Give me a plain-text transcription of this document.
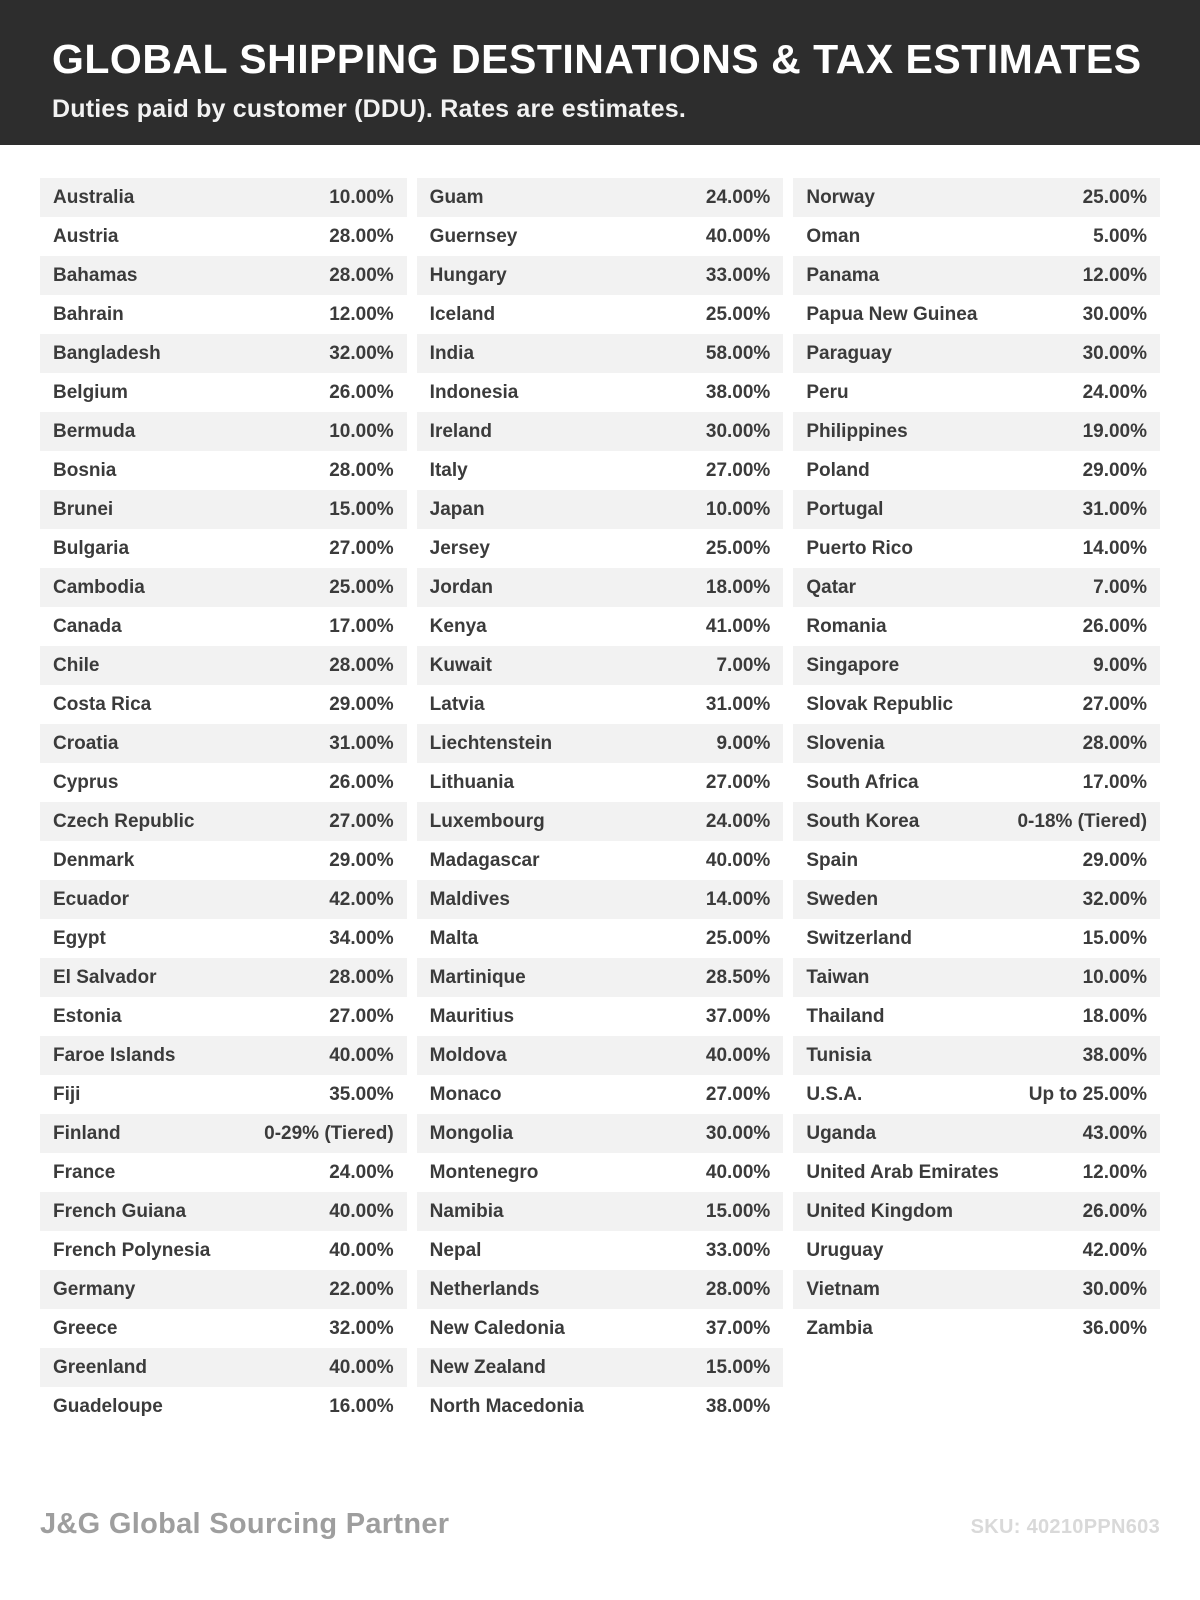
GLOBAL SHIPPING DESTINATIONS & TAX ESTIMATES
Duties paid by customer (DDU). Rates are estimates.
Australia	10.00%
Austria	28.00%
Bahamas	28.00%
Bahrain	12.00%
Bangladesh	32.00%
Belgium	26.00%
Bermuda	10.00%
Bosnia	28.00%
Brunei	15.00%
Bulgaria	27.00%
Cambodia	25.00%
Canada	17.00%
Chile	28.00%
Costa Rica	29.00%
Croatia	31.00%
Cyprus	26.00%
Czech Republic	27.00%
Denmark	29.00%
Ecuador	42.00%
Egypt	34.00%
El Salvador	28.00%
Estonia	27.00%
Faroe Islands	40.00%
Fiji	35.00%
Finland	0-29% (Tiered)
France	24.00%
French Guiana	40.00%
French Polynesia	40.00%
Germany	22.00%
Greece	32.00%
Greenland	40.00%
Guadeloupe	16.00%
Guam	24.00%
Guernsey	40.00%
Hungary	33.00%
Iceland	25.00%
India	58.00%
Indonesia	38.00%
Ireland	30.00%
Italy	27.00%
Japan	10.00%
Jersey	25.00%
Jordan	18.00%
Kenya	41.00%
Kuwait	7.00%
Latvia	31.00%
Liechtenstein	9.00%
Lithuania	27.00%
Luxembourg	24.00%
Madagascar	40.00%
Maldives	14.00%
Malta	25.00%
Martinique	28.50%
Mauritius	37.00%
Moldova	40.00%
Monaco	27.00%
Mongolia	30.00%
Montenegro	40.00%
Namibia	15.00%
Nepal	33.00%
Netherlands	28.00%
New Caledonia	37.00%
New Zealand	15.00%
North Macedonia	38.00%
Norway	25.00%
Oman	5.00%
Panama	12.00%
Papua New Guinea	30.00%
Paraguay	30.00%
Peru	24.00%
Philippines	19.00%
Poland	29.00%
Portugal	31.00%
Puerto Rico	14.00%
Qatar	7.00%
Romania	26.00%
Singapore	9.00%
Slovak Republic	27.00%
Slovenia	28.00%
South Africa	17.00%
South Korea	0-18% (Tiered)
Spain	29.00%
Sweden	32.00%
Switzerland	15.00%
Taiwan	10.00%
Thailand	18.00%
Tunisia	38.00%
U.S.A.	Up to 25.00%
Uganda	43.00%
United Arab Emirates	12.00%
United Kingdom	26.00%
Uruguay	42.00%
Vietnam	30.00%
Zambia	36.00%
J&G Global Sourcing Partner	SKU: 40210PPN603
